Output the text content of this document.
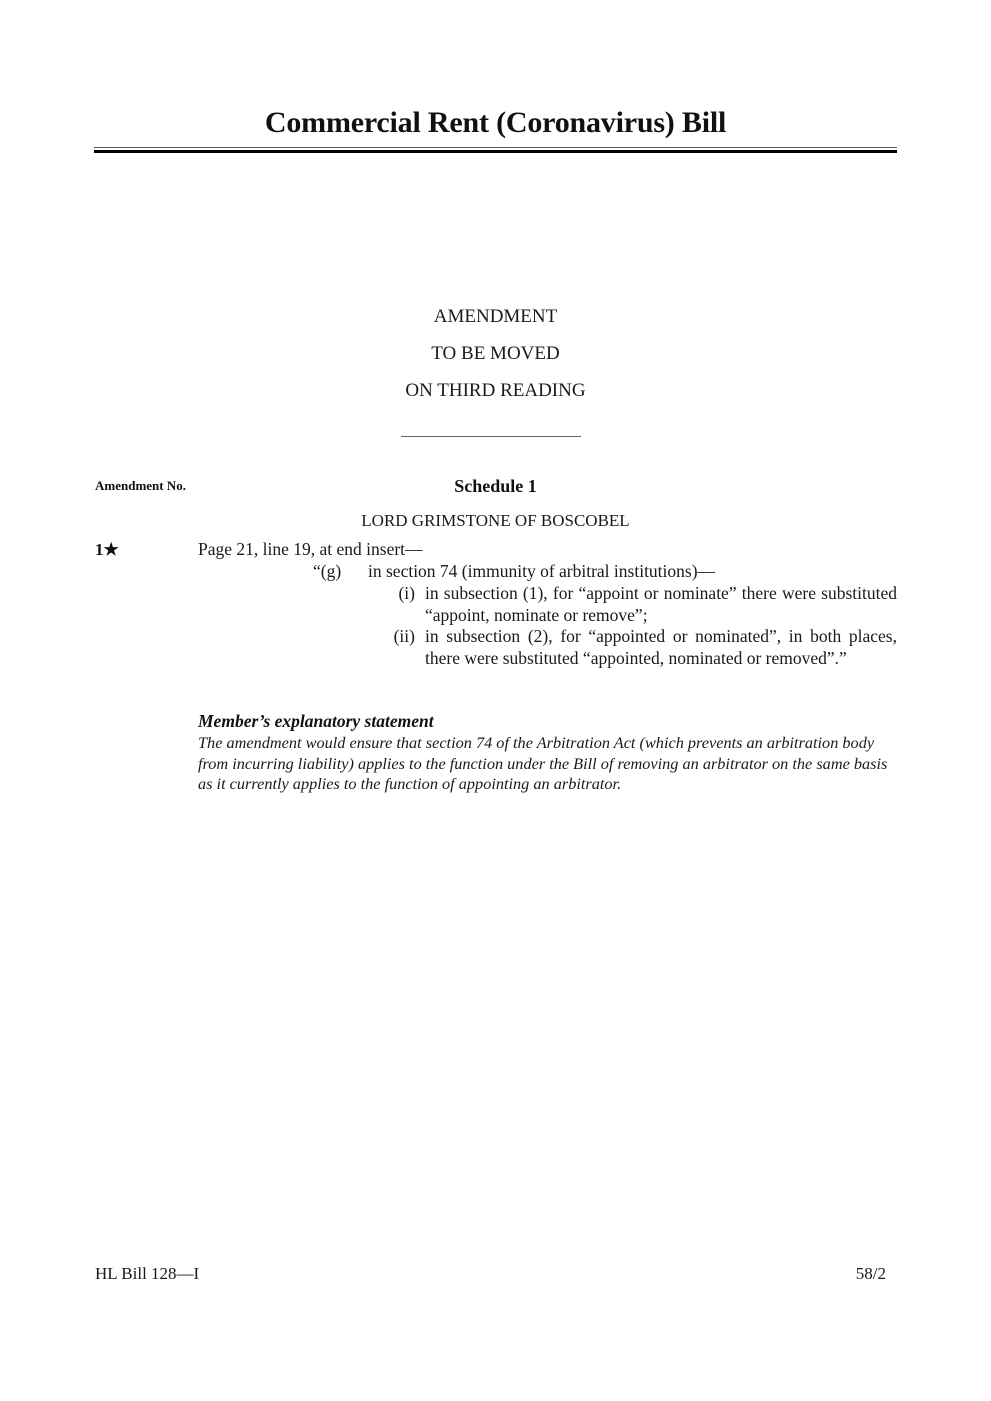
Commercial Rent (Coronavirus) Bill
AMENDMENT
TO BE MOVED
ON THIRD READING
Amendment No.	Schedule 1
LORD GRIMSTONE OF BOSCOBEL
1★	Page 21, line 19, at end insert—
“(g) in section 74 (immunity of arbitral institutions)—
(i) in subsection (1), for “appoint or nominate” there were substituted “appoint, nominate or remove”;
(ii) in subsection (2), for “appointed or nominated”, in both places, there were substituted “appointed, nominated or removed”.”
Member’s explanatory statement
The amendment would ensure that section 74 of the Arbitration Act (which prevents an arbitration body from incurring liability) applies to the function under the Bill of removing an arbitrator on the same basis as it currently applies to the function of appointing an arbitrator.
HL Bill 128—I	58/2
